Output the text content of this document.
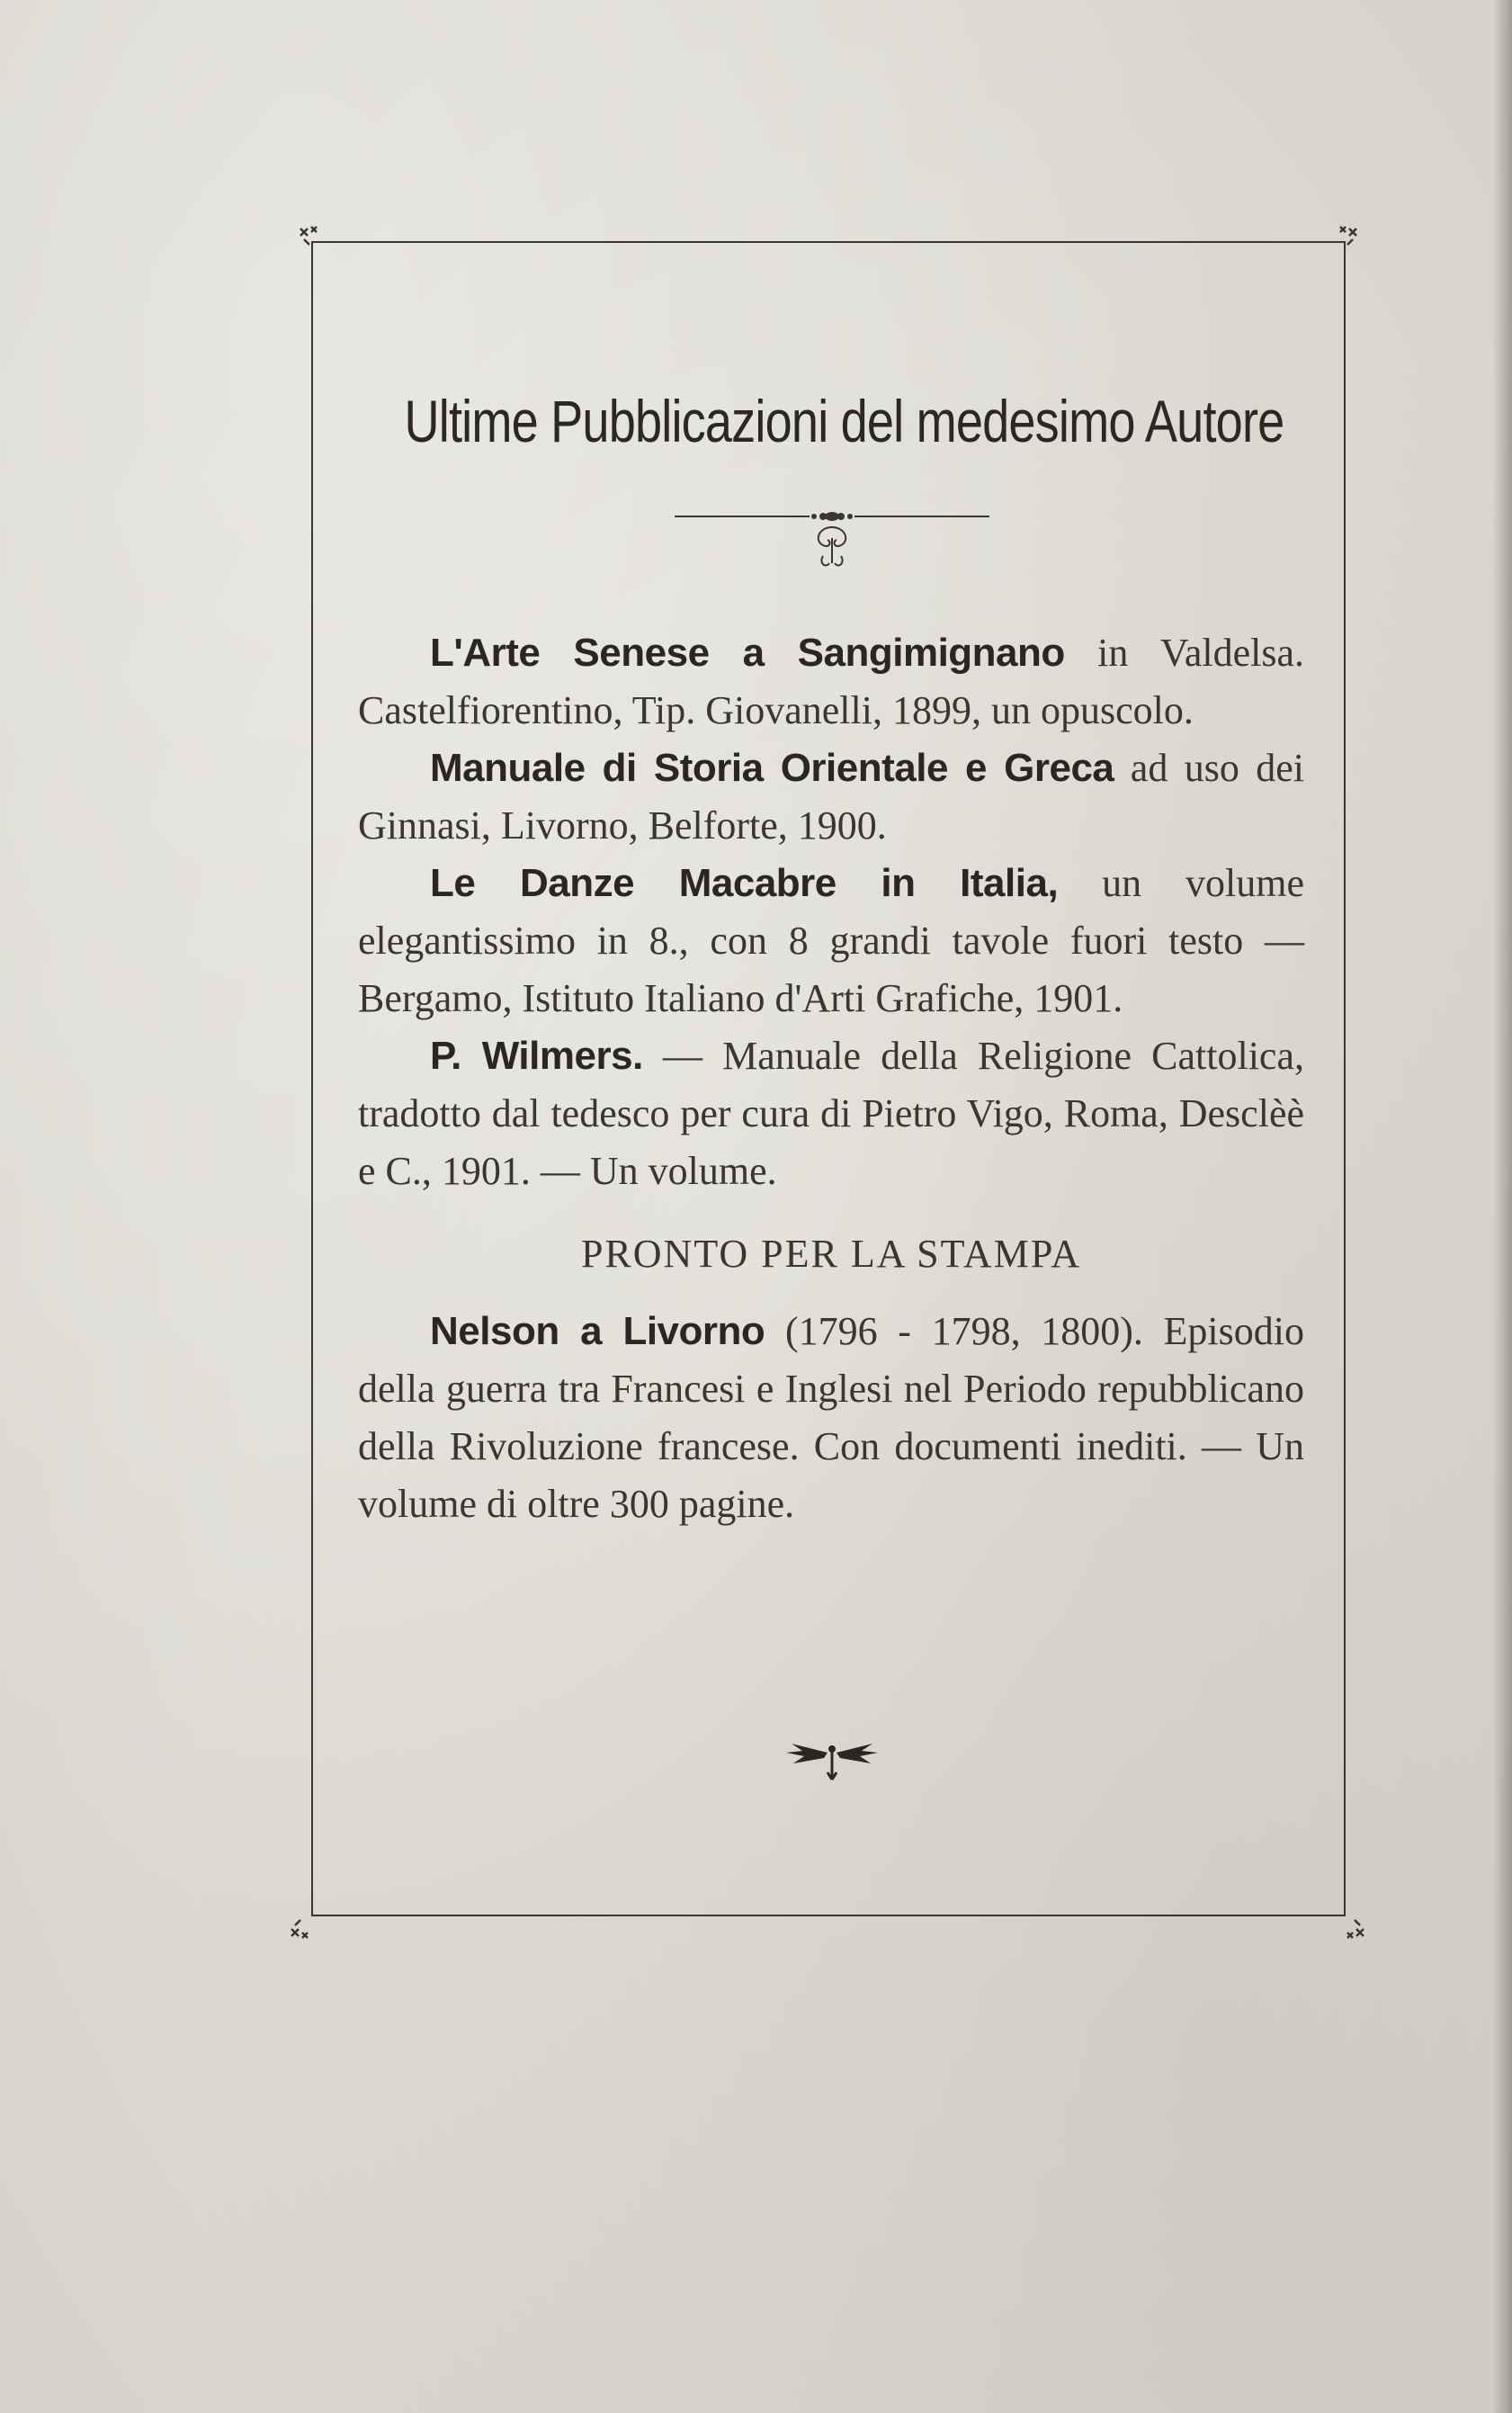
Ultime Pubblicazioni del medesimo Autore

L'Arte Senese a Sangimignano in Valdelsa. Castelfiorentino, Tip. Giovanelli, 1899, un opuscolo.

Manuale di Storia Orientale e Greca ad uso dei Ginnasi, Livorno, Belforte, 1900.

Le Danze Macabre in Italia, un volume elegantissimo in 8., con 8 grandi tavole fuori testo — Bergamo, Istituto Italiano d'Arti Grafiche, 1901.

P. Wilmers. — Manuale della Religione Cattolica, tradotto dal tedesco per cura di Pietro Vigo, Roma, Desclèè e C., 1901. — Un volume.

PRONTO PER LA STAMPA

Nelson a Livorno (1796 - 1798, 1800). Episodio della guerra tra Francesi e Inglesi nel Periodo repubblicano della Rivoluzione francese. Con documenti inediti. — Un volume di oltre 300 pagine.
